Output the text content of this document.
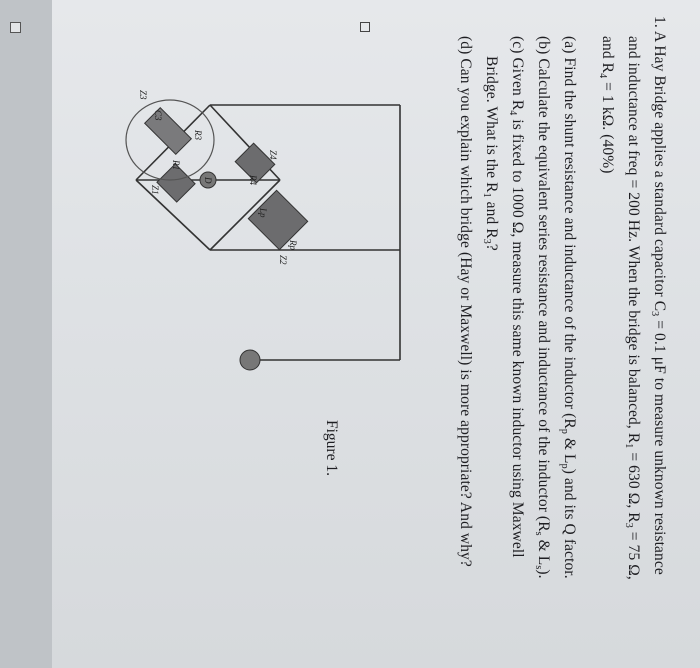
1. A Hay Bridge applies a standard capacitor $C_3 = 0.1$ μF to measure unknown resistance

and inductance at freq = 200 Hz. When the bridge is balanced, $R_1 = 630$ Ω, $R_3 = 75$ Ω,

and $R_4 = 1$ kΩ. (40%)

(a) Find the shunt resistance and inductance of the inductor ($R_p$ & $L_p$) and its Q factor.

(b) Calculate the equivalent series resistance and inductance of the inductor ($R_s$ & $L_s$).

(c) Given $R_4$ is fixed to 1000 Ω, measure this same known inductor using Maxwell

Bridge. What is the $R_1$ and $R_3$?

(d) Can you explain which bridge (Hay or Maxwell) is more appropriate? And why?

Z1
R1
R3
C3
Z3
D
Lp
Rp
Z2
R4
Z4
Figure 1.
